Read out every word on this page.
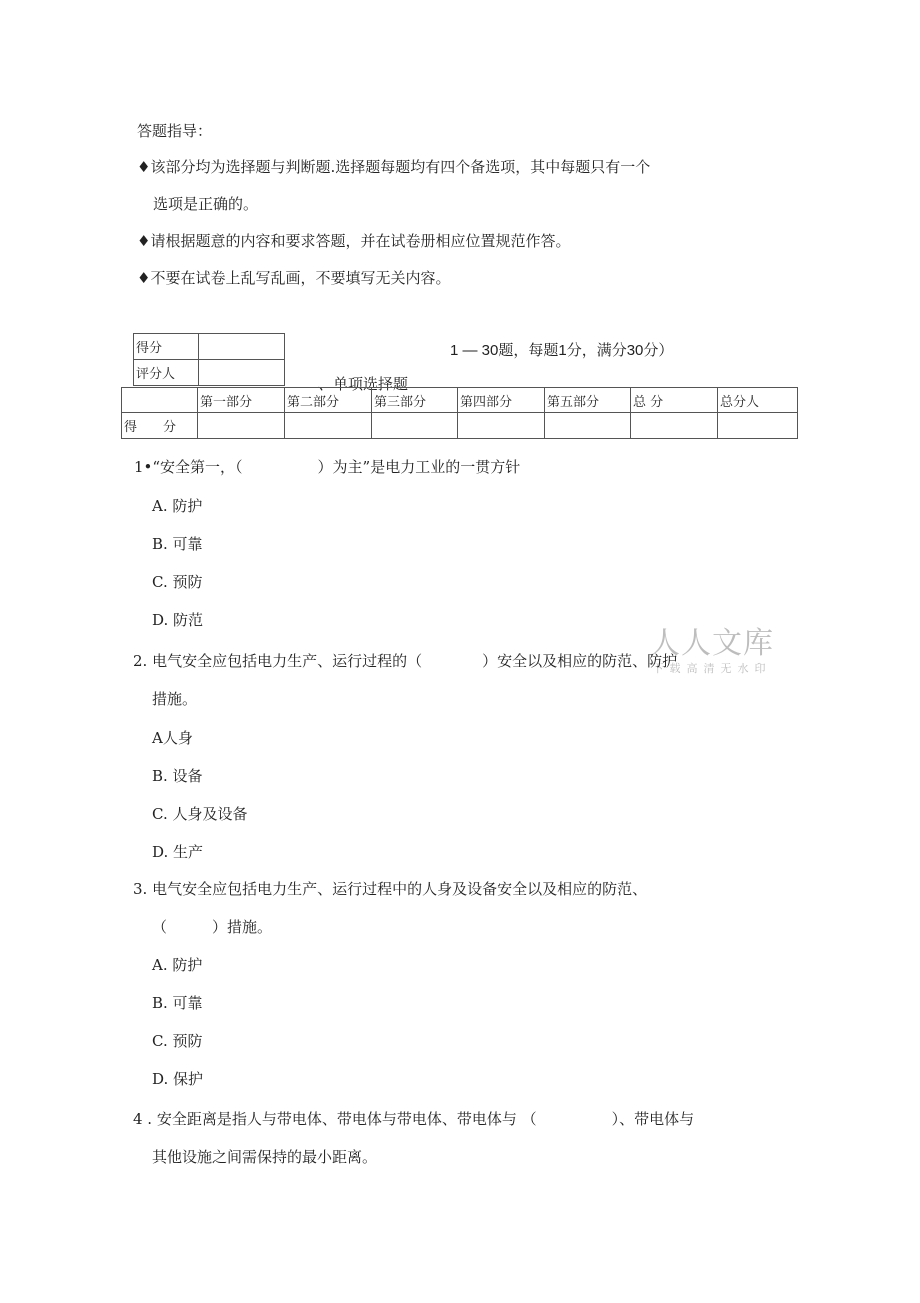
答题指导：
♦该部分均为选择题与判断题.选择题每题均有四个备选项，其中每题只有一个
选项是正确的。
♦请根据题意的内容和要求答题，并在试卷册相应位置规范作答。
♦不要在试卷上乱写乱画，不要填写无关内容。
得分	
评分人	
1 — 30题，每题1分，满分30分）
、单项选择题
	第一部分	第二部分	第三部分	第四部分	第五部分	总 分	总分人
得　　分							
1•“安全第一，（　　　　　）为主”是电力工业的一贯方针
A. 防护
B. 可靠
C. 预防
D. 防范
人人文库
下载高清无水印
2. 电气安全应包括电力生产、运行过程的（　　　　）安全以及相应的防范、防护
措施。
A人身
B. 设备
C. 人身及设备
D. 生产
3. 电气安全应包括电力生产、运行过程中的人身及设备安全以及相应的防范、
（　　　）措施。
A. 防护
B. 可靠
C. 预防
D. 保护
4 . 安全距离是指人与带电体、带电体与带电体、带电体与 （　　　　　）、带电体与
其他设施之间需保持的最小距离。
